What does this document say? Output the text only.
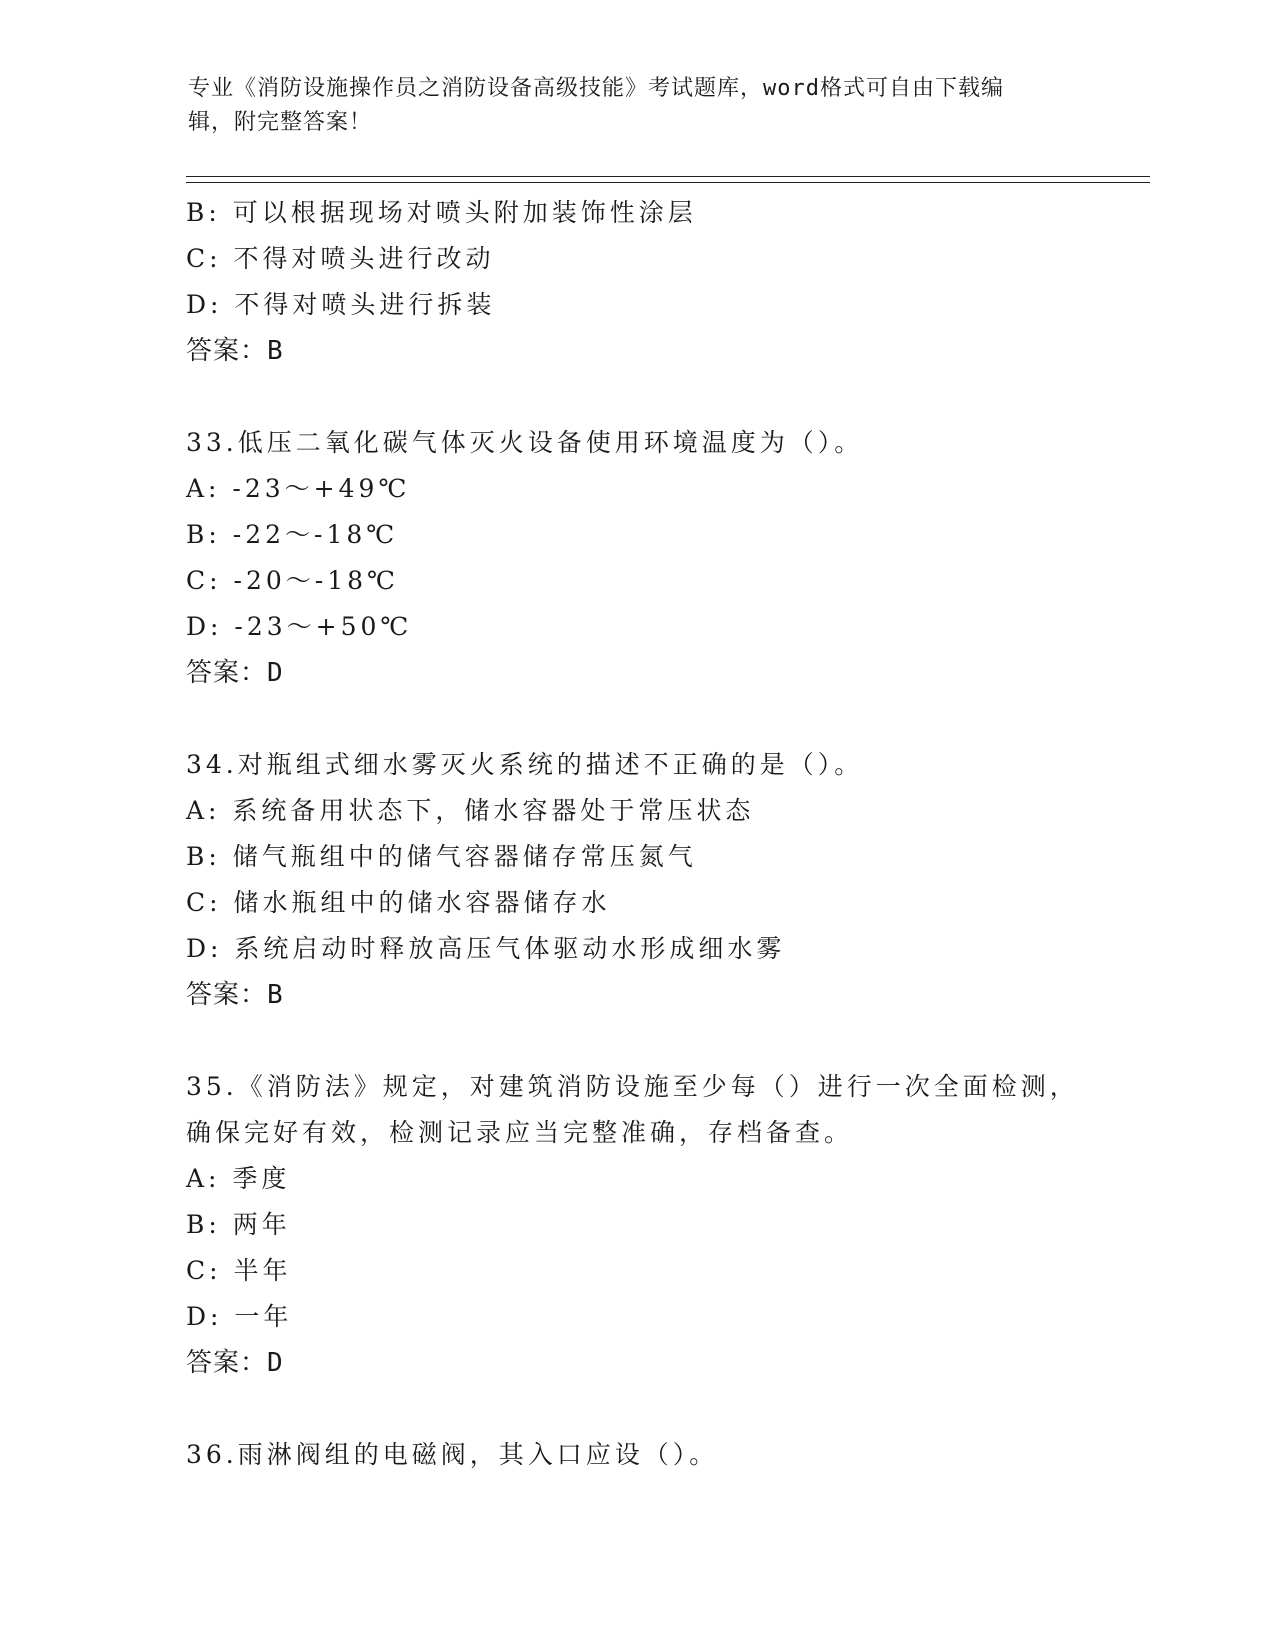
专业《消防设施操作员之消防设备高级技能》考试题库，word格式可自由下载编
辑，附完整答案！
B: 可以根据现场对喷头附加装饰性涂层
C: 不得对喷头进行改动
D: 不得对喷头进行拆装
答案：B
33.低压二氧化碳气体灭火设备使用环境温度为（）。
A: -23～+49℃
B: -22～-18℃
C: -20～-18℃
D: -23～+50℃
答案：D
34.对瓶组式细水雾灭火系统的描述不正确的是（）。
A: 系统备用状态下，储水容器处于常压状态
B: 储气瓶组中的储气容器储存常压氮气
C: 储水瓶组中的储水容器储存水
D: 系统启动时释放高压气体驱动水形成细水雾
答案：B
35.《消防法》规定，对建筑消防设施至少每（）进行一次全面检测，
确保完好有效，检测记录应当完整准确，存档备查。
A: 季度
B: 两年
C: 半年
D: 一年
答案：D
36.雨淋阀组的电磁阀，其入口应设（）。
